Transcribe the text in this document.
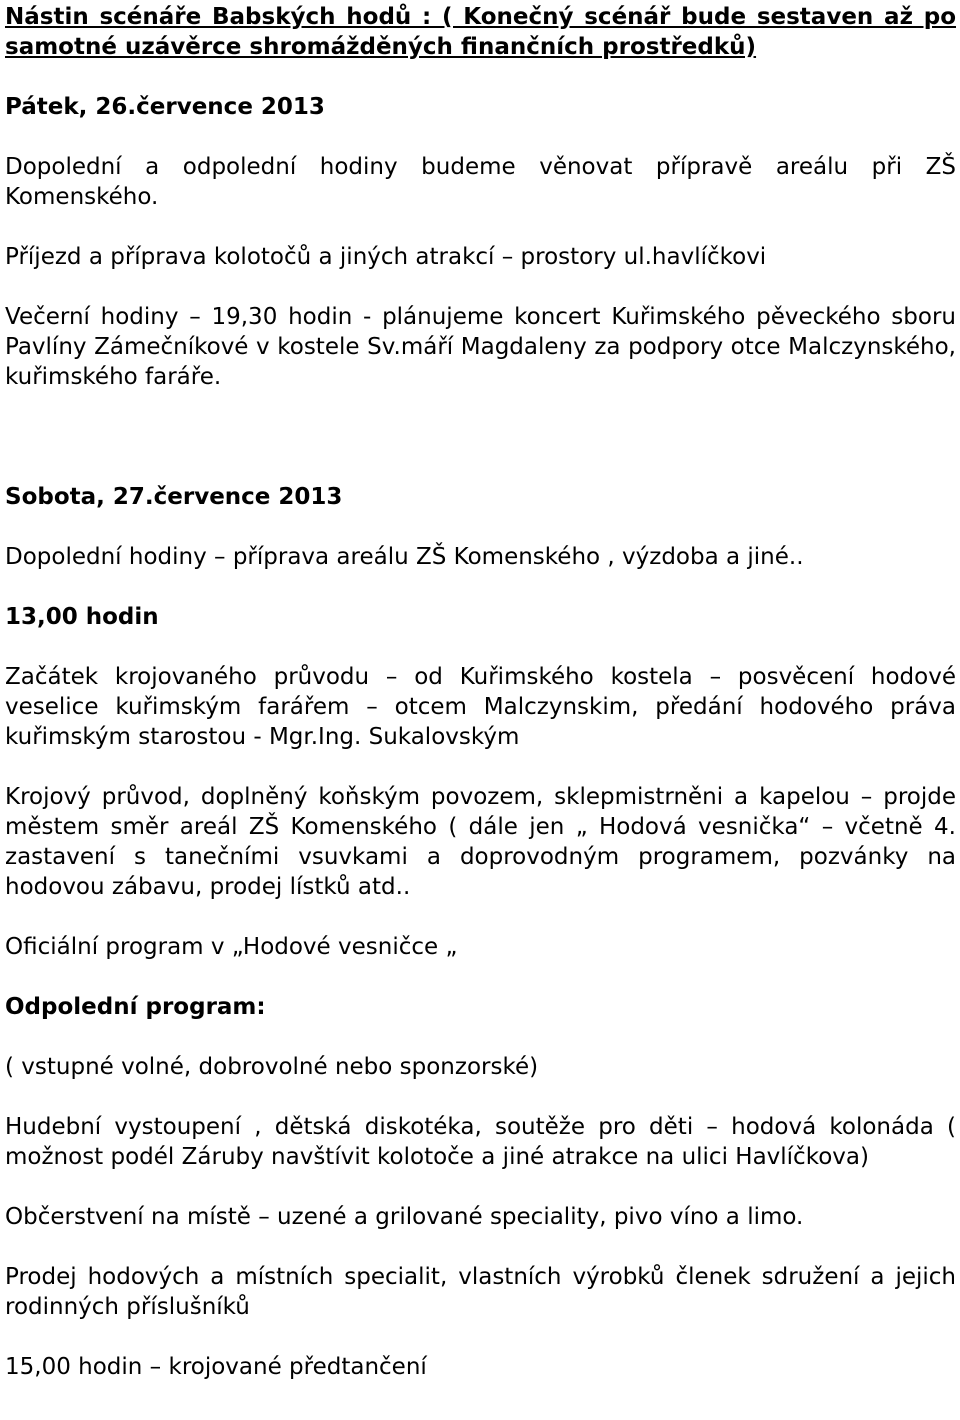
Nástin scénáře Babských hodů : ( Konečný scénář bude sestaven až po samotné uzávěrce shromážděných finančních prostředků)

Pátek, 26.července 2013

Dopolední a odpolední hodiny budeme věnovat přípravě areálu při ZŠ Komenského.

Příjezd a příprava kolotočů a jiných atrakcí – prostory ul.havlíčkovi

Večerní hodiny – 19,30 hodin - plánujeme koncert Kuřimského pěveckého sboru Pavlíny Zámečníkové v kostele Sv.máří Magdaleny za podpory otce Malczynského, kuřimského faráře.

Sobota, 27.července 2013

Dopolední hodiny – příprava areálu ZŠ Komenského , výzdoba a jiné..

13,00 hodin

Začátek krojovaného průvodu – od Kuřimského kostela – posvěcení hodové veselice kuřimským farářem – otcem Malczynskim, předání hodového práva kuřimským starostou - Mgr.Ing. Sukalovským

Krojový průvod, doplněný koňským povozem, sklepmistrněni a kapelou – projde městem směr areál ZŠ Komenského ( dále jen „ Hodová vesnička“ – včetně 4. zastavení s tanečními vsuvkami a doprovodným programem, pozvánky na hodovou zábavu, prodej lístků atd..

Oficiální program v „Hodové vesničce „

Odpolední program:

( vstupné volné, dobrovolné nebo sponzorské)

Hudební vystoupení , dětská diskotéka, soutěže pro děti – hodová kolonáda ( možnost podél Záruby navštívit kolotoče a jiné atrakce na ulici Havlíčkova)

Občerstvení na místě – uzené a grilované speciality, pivo víno a limo.

Prodej hodových a místních specialit, vlastních výrobků členek sdružení a jejich rodinných příslušníků

15,00 hodin – krojované předtančení
